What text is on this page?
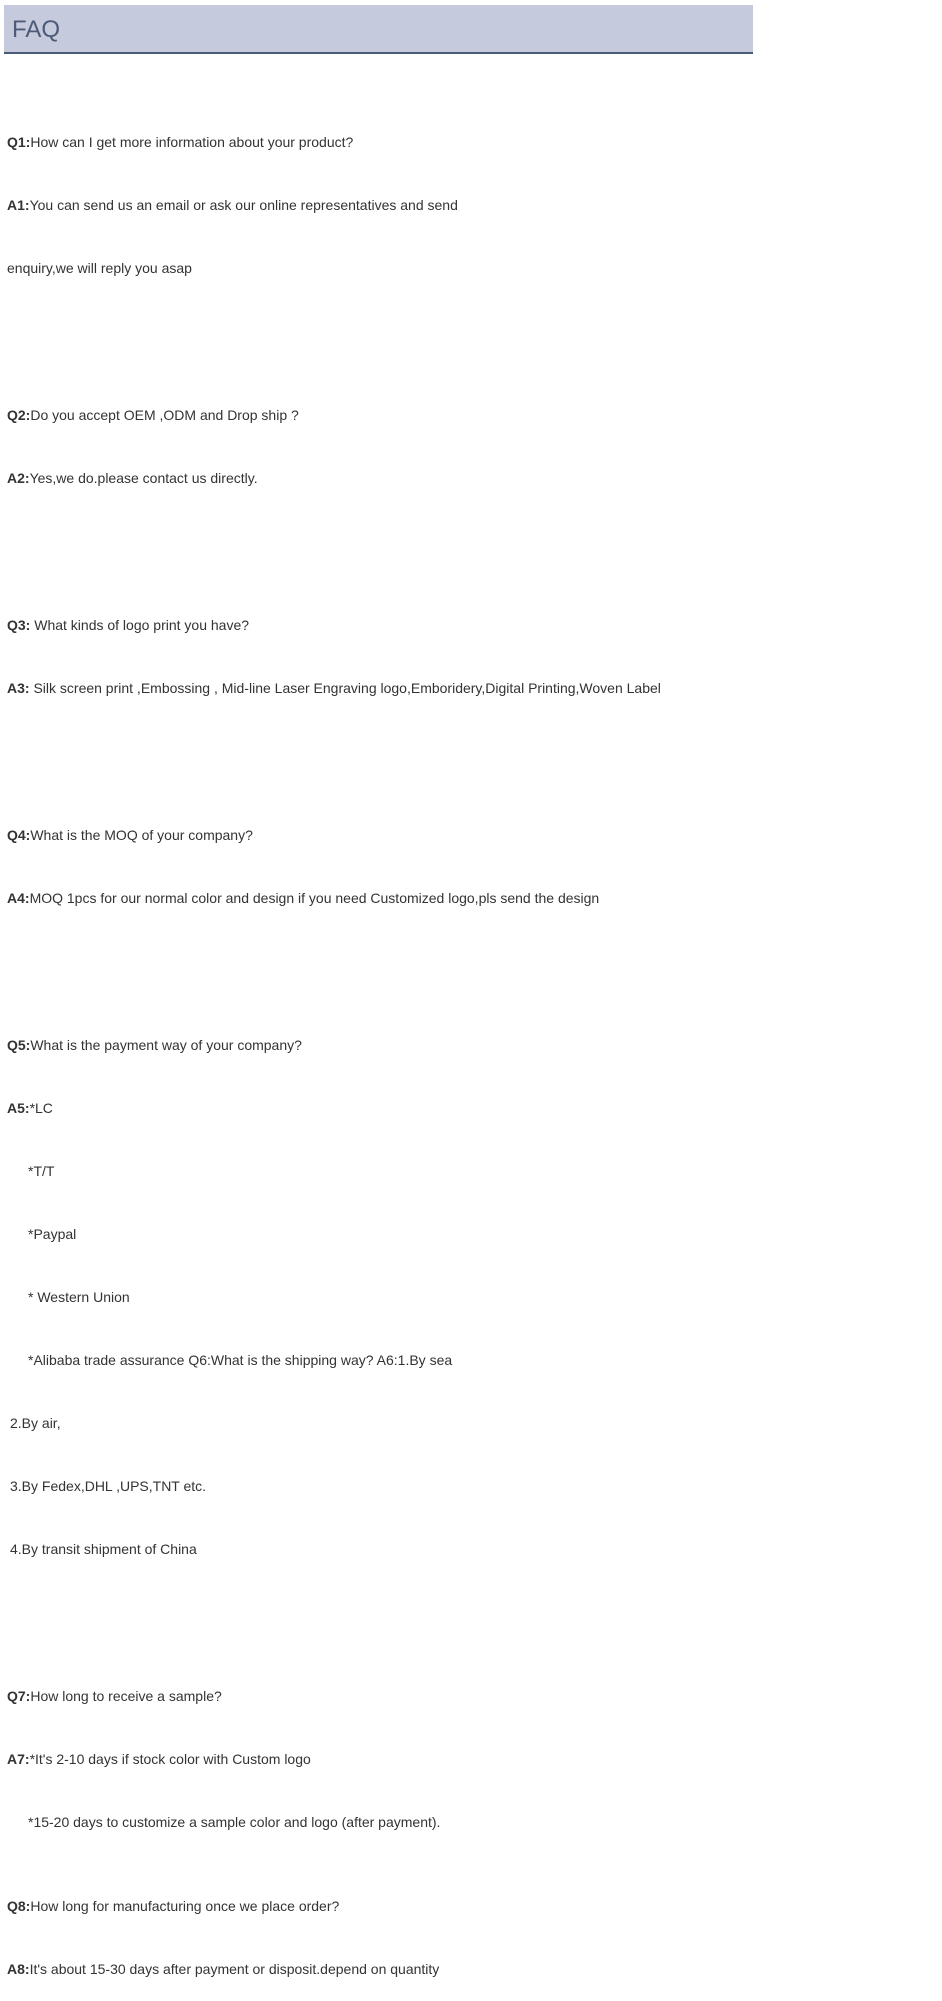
FAQ

Q1:How can I get more information about your product?

A1:You can send us an email or ask our online representatives and send

enquiry,we will reply you asap

Q2:Do you accept OEM ,ODM and Drop ship ?

A2:Yes,we do.please contact us directly.

Q3: What kinds of logo print you have?

A3: Silk screen print ,Embossing , Mid-line Laser Engraving logo,Emboridery,Digital Printing,Woven Label

Q4:What is the MOQ of your company?

A4:MOQ 1pcs for our normal color and design if you need Customized logo,pls send the design

Q5:What is the payment way of your company?

A5:*LC

*T/T

*Paypal

* Western Union

*Alibaba trade assurance Q6:What is the shipping way? A6:1.By sea

2.By air,

3.By Fedex,DHL ,UPS,TNT etc.

4.By transit shipment of China

Q7:How long to receive a sample?

A7:*It's 2-10 days if stock color with Custom logo

*15-20 days to customize a sample color and logo (after payment).

Q8:How long for manufacturing once we place order?

A8:It's about 15-30 days after payment or disposit.depend on quantity
